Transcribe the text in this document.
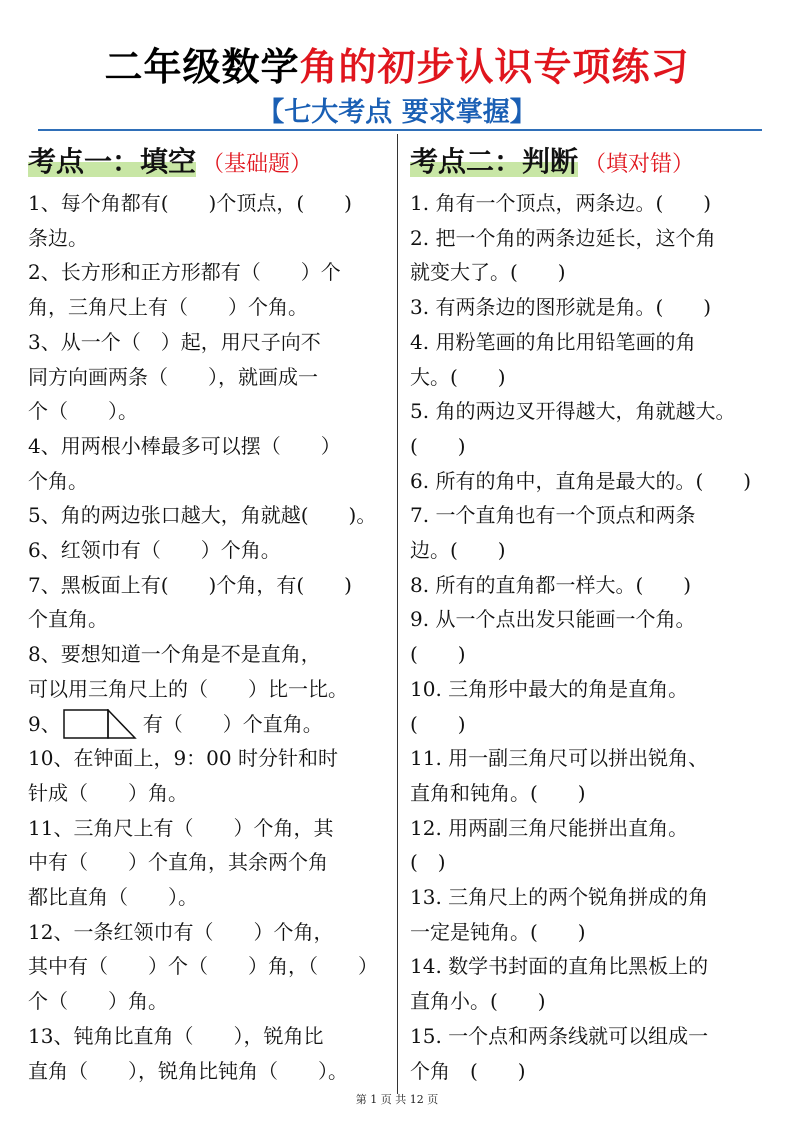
二年级数学角的初步认识专项练习
【七大考点 要求掌握】
考点一：填空 （基础题）
1、每个角都有(　　)个顶点，(　　)
条边。
2、长方形和正方形都有（　　）个
角，三角尺上有（　　）个角。
3、从一个（　）起，用尺子向不
同方向画两条（　　），就画成一
个（　　）。
4、用两根小棒最多可以摆（　　）
个角。
5、角的两边张口越大，角就越(　　)。
6、红领巾有（　　）个角。
7、黑板面上有(　　)个角，有(　　)
个直角。
8、要想知道一个角是不是直角，
可以用三角尺上的（　　）比一比。
9、	有（　　）个直角。
10、在钟面上，9：00 时分针和时
针成（　　）角。
11、三角尺上有（　　）个角，其
中有（　　）个直角，其余两个角
都比直角（　　）。
12、一条红领巾有（　　）个角，
其中有（　　）个（　　）角，（　　）
个（　　）角。
13、钝角比直角（　　），锐角比
直角（　　），锐角比钝角（　　）。
考点二：判断 （填对错）
1. 角有一个顶点，两条边。(　　)
2. 把一个角的两条边延长，这个角
就变大了。(　　)
3. 有两条边的图形就是角。(　　)
4. 用粉笔画的角比用铅笔画的角
大。(　　)
5. 角的两边叉开得越大，角就越大。
(　　)
6. 所有的角中，直角是最大的。(　　)
7. 一个直角也有一个顶点和两条
边。(　　)
8. 所有的直角都一样大。(　　)
9. 从一个点出发只能画一个角。
(　　)
10. 三角形中最大的角是直角。
(　　)
11. 用一副三角尺可以拼出锐角、
直角和钝角。(　　)
12. 用两副三角尺能拼出直角。
(　)
13. 三角尺上的两个锐角拼成的角
一定是钝角。(　　)
14. 数学书封面的直角比黑板上的
直角小。(　　)
15. 一个点和两条线就可以组成一
个角　(　　)
第 1 页 共 12 页
